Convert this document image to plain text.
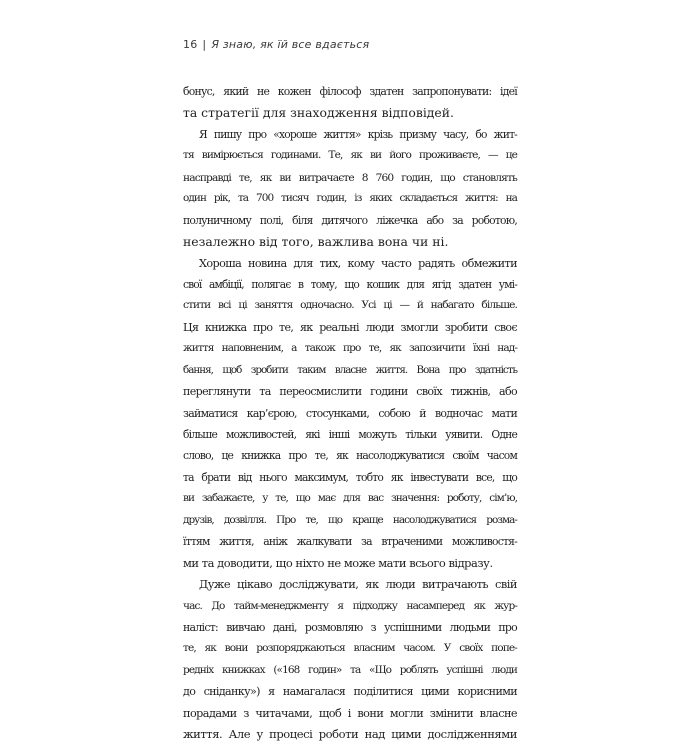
16 | Я знаю, як їй все вдається
бонус, який не кожен філософ здатен запропонувати: ідеї
та стратегії для знаходження відповідей.
Я пишу про «хороше життя» крізь призму часу, бо жит-
тя вимірюється годинами. Те, як ви його проживаєте, — це
насправді те, як ви витрачаєте 8 760 годин, що становлять
один рік, та 700 тисяч годин, із яких складається життя: на
полуничному полі, біля дитячого ліжечка або за роботою,
незалежно від того, важлива вона чи ні.
Хороша новина для тих, кому часто радять обмежити
свої амбіції, полягає в тому, що кошик для ягід здатен умі-
стити всі ці заняття одночасно. Усі ці — й набагато більше.
Ця книжка про те, як реальні люди змогли зробити своє
життя наповненим, а також про те, як запозичити їхні над-
бання, щоб зробити таким власне життя. Вона про здатність
переглянути та переосмислити години своїх тижнів, або
займатися кар’єрою, стосунками, собою й водночас мати
більше можливостей, які інші можуть тільки уявити. Одне
слово, це книжка про те, як насолоджуватися своїм часом
та брати від нього максимум, тобто як інвестувати все, що
ви забажаєте, у те, що має для вас значення: роботу, сім’ю,
друзів, дозвілля. Про те, що краще насолоджуватися розма-
їттям життя, аніж жалкувати за втраченими можливостя-
ми та доводити, що ніхто не може мати всього відразу.
Дуже цікаво досліджувати, як люди витрачають свій
час. До тайм-менеджменту я підходжу насамперед як жур-
наліст: вивчаю дані, розмовляю з успішними людьми про
те, як вони розпоряджаються власним часом. У своїх попе-
редніх книжках («168 годин» та «Що роблять успішні люди
до сніданку») я намагалася поділитися цими корисними
порадами з читачами, щоб і вони могли змінити власне
життя. Але у процесі роботи над цими дослідженнями
